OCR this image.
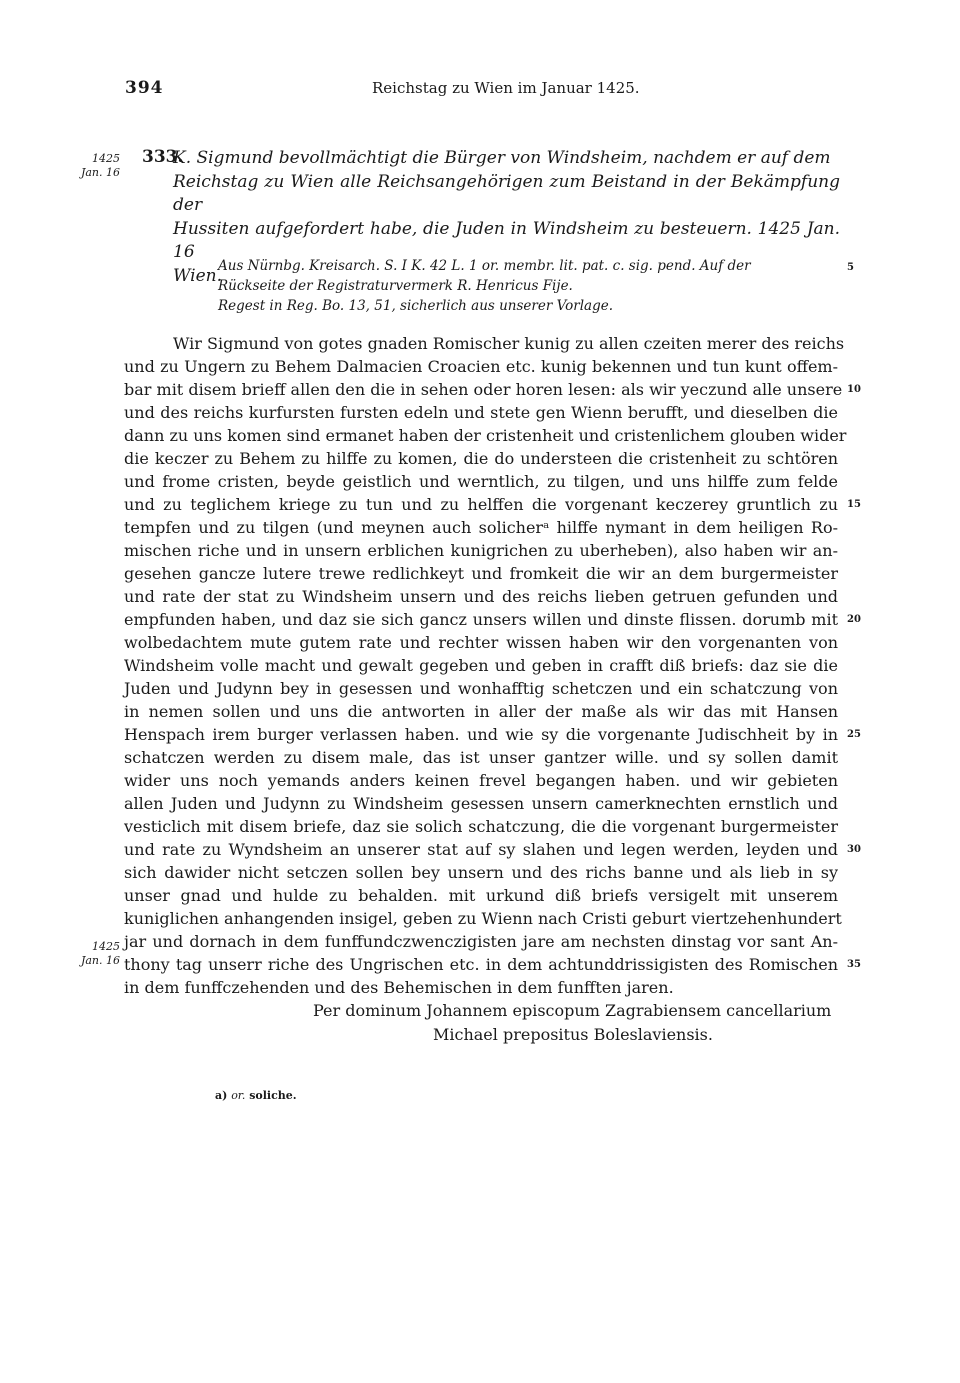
394	Reichstag zu Wien im Januar 1425.
1425
Jan. 16
1425
Jan. 16
333.
K. Sigmund bevollmächtigt die Bürger von Windsheim, nachdem er auf dem
Reichstag zu Wien alle Reichsangehörigen zum Beistand in der Bekämpfung der
Hussiten aufgefordert habe, die Juden in Windsheim zu besteuern. 1425 Jan. 16
Wien.
Aus Nürnbg. Kreisarch. S. I K. 42 L. 1 or. membr. lit. pat. c. sig. pend. Auf der
Rückseite der Registraturvermerk R. Henricus Fije.
Regest in Reg. Bo. 13, 51, sicherlich aus unserer Vorlage.
Wir Sigmund von gotes gnaden Romischer kunig zu allen czeiten merer des reichs
und zu Ungern zu Behem Dalmacien Croacien etc. kunig bekennen und tun kunt offem-
bar mit disem brieff allen den die in sehen oder horen lesen: als wir yeczund alle unsere
und des reichs kurfursten fursten edeln und stete gen Wienn berufft, und dieselben die
dann zu uns komen sind ermanet haben der cristenheit und cristenlichem glouben wider
die keczer zu Behem zu hilffe zu komen, die do understeen die cristenheit zu schtören
und frome cristen, beyde geistlich und werntlich, zu tilgen, und uns hilffe zum felde
und zu teglichem kriege zu tun und zu helffen die vorgenant keczerey gruntlich zu
tempfen und zu tilgen (und meynen auch solicherᵃ hilffe nymant in dem heiligen Ro-
mischen riche und in unsern erblichen kunigrichen zu uberheben), also haben wir an-
gesehen gancze lutere trewe redlichkeyt und fromkeit die wir an dem burgermeister
und rate der stat zu Windsheim unsern und des reichs lieben getruen gefunden und
empfunden haben, und daz sie sich gancz unsers willen und dinste flissen. dorumb mit
wolbedachtem mute gutem rate und rechter wissen haben wir den vorgenanten von
Windsheim volle macht und gewalt gegeben und geben in crafft diß briefs: daz sie die
Juden und Judynn bey in gesessen und wonhafftig schetczen und ein schatczung von
in nemen sollen und uns die antworten in aller der maße als wir das mit Hansen
Henspach irem burger verlassen haben. und wie sy die vorgenante Judischheit by in
schatczen werden zu disem male, das ist unser gantzer wille. und sy sollen damit
wider uns noch yemands anders keinen frevel begangen haben. und wir gebieten
allen Juden und Judynn zu Windsheim gesessen unsern camerknechten ernstlich und
vesticlich mit disem briefe, daz sie solich schatczung, die die vorgenant burgermeister
und rate zu Wyndsheim an unserer stat auf sy slahen und legen werden, leyden und
sich dawider nicht setczen sollen bey unsern und des richs banne und als lieb in sy
unser gnad und hulde zu behalden. mit urkund diß briefs versigelt mit unserem
kuniglichen anhangenden insigel, geben zu Wienn nach Cristi geburt viertzehenhundert
jar und dornach in dem funffundczwenczigisten jare am nechsten dinstag vor sant An-
thony tag unserr riche des Ungrischen etc. in dem achtunddrissigisten des Romischen
in dem funffczehenden und des Behemischen in dem funfften jaren.
Per dominum Johannem episcopum Zagrabiensem cancellarium
Michael prepositus Boleslaviensis.
5
10
15
20
25
30
35
a) or. soliche.
